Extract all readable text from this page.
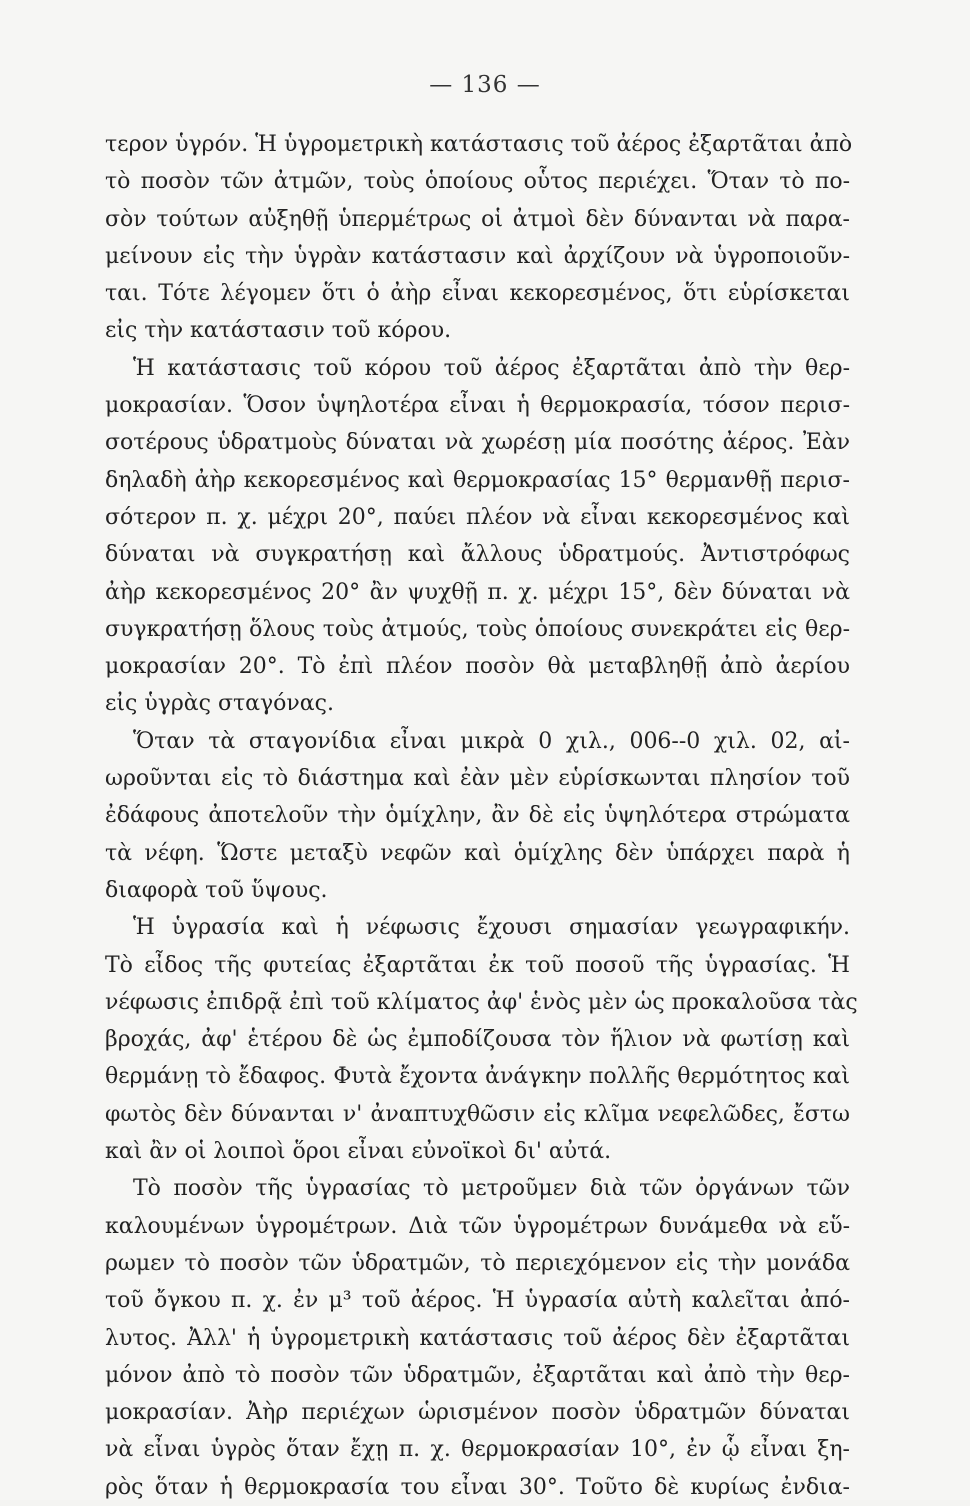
— 136 —
τερον ὑγρόν. Ἡ ὑγρομετρικὴ κατάστασις τοῦ ἀέρος ἐξαρτᾶται ἀπὸ
τὸ ποσὸν τῶν ἀτμῶν, τοὺς ὁποίους οὗτος περιέχει. Ὅταν τὸ πο-
σὸν τούτων αὐξηθῇ ὑπερμέτρως οἱ ἀτμοὶ δὲν δύνανται νὰ παρα-
μείνουν εἰς τὴν ὑγρὰν κατάστασιν καὶ ἀρχίζουν νὰ ὑγροποιοῦν-
ται. Τότε λέγομεν ὅτι ὁ ἀὴρ εἶναι κεκορεσμένος, ὅτι εὑρίσκεται
εἰς τὴν κατάστασιν τοῦ κόρου.
Ἡ κατάστασις τοῦ κόρου τοῦ ἀέρος ἐξαρτᾶται ἀπὸ τὴν θερ-
μοκρασίαν. Ὅσον ὑψηλοτέρα εἶναι ἡ θερμοκρασία, τόσον περισ-
σοτέρους ὑδρατμοὺς δύναται νὰ χωρέσῃ μία ποσότης ἀέρος. Ἐὰν
δηλαδὴ ἀὴρ κεκορεσμένος καὶ θερμοκρασίας 15° θερμανθῇ περισ-
σότερον π. χ. μέχρι 20°, παύει πλέον νὰ εἶναι κεκορεσμένος καὶ
δύναται νὰ συγκρατήσῃ καὶ ἄλλους ὑδρατμούς. Ἀντιστρόφως
ἀὴρ κεκορεσμένος 20° ἂν ψυχθῇ π. χ. μέχρι 15°, δὲν δύναται νὰ
συγκρατήσῃ ὅλους τοὺς ἀτμούς, τοὺς ὁποίους συνεκράτει εἰς θερ-
μοκρασίαν 20°. Τὸ ἐπὶ πλέον ποσὸν θὰ μεταβληθῇ ἀπὸ ἀερίου
εἰς ὑγρὰς σταγόνας.
Ὅταν τὰ σταγονίδια εἶναι μικρὰ 0 χιλ., 006--0 χιλ. 02, αἰ-
ωροῦνται εἰς τὸ διάστημα καὶ ἐὰν μὲν εὑρίσκωνται πλησίον τοῦ
ἐδάφους ἀποτελοῦν τὴν ὁμίχλην, ἂν δὲ εἰς ὑψηλότερα στρώματα
τὰ νέφη. Ὥστε μεταξὺ νεφῶν καὶ ὁμίχλης δὲν ὑπάρχει παρὰ ἡ
διαφορὰ τοῦ ὕψους.
Ἡ ὑγρασία καὶ ἡ νέφωσις ἔχουσι σημασίαν γεωγραφικήν.
Τὸ εἶδος τῆς φυτείας ἐξαρτᾶται ἐκ τοῦ ποσοῦ τῆς ὑγρασίας. Ἡ
νέφωσις ἐπιδρᾷ ἐπὶ τοῦ κλίματος ἀφ' ἑνὸς μὲν ὡς προκαλοῦσα τὰς
βροχάς, ἀφ' ἑτέρου δὲ ὡς ἐμποδίζουσα τὸν ἥλιον νὰ φωτίσῃ καὶ
θερμάνῃ τὸ ἔδαφος. Φυτὰ ἔχοντα ἀνάγκην πολλῆς θερμότητος καὶ
φωτὸς δὲν δύνανται ν' ἀναπτυχθῶσιν εἰς κλῖμα νεφελῶδες, ἔστω
καὶ ἂν οἱ λοιποὶ ὅροι εἶναι εὐνοϊκοὶ δι' αὐτά.
Τὸ ποσὸν τῆς ὑγρασίας τὸ μετροῦμεν διὰ τῶν ὀργάνων τῶν
καλουμένων ὑγρομέτρων. Διὰ τῶν ὑγρομέτρων δυνάμεθα νὰ εὕ-
ρωμεν τὸ ποσὸν τῶν ὑδρατμῶν, τὸ περιεχόμενον εἰς τὴν μονάδα
τοῦ ὄγκου π. χ. ἐν μ³ τοῦ ἀέρος. Ἡ ὑγρασία αὐτὴ καλεῖται ἀπό-
λυτος. Ἀλλ' ἡ ὑγρομετρικὴ κατάστασις τοῦ ἀέρος δὲν ἐξαρτᾶται
μόνον ἀπὸ τὸ ποσὸν τῶν ὑδρατμῶν, ἐξαρτᾶται καὶ ἀπὸ τὴν θερ-
μοκρασίαν. Ἀὴρ περιέχων ὡρισμένον ποσὸν ὑδρατμῶν δύναται
νὰ εἶναι ὑγρὸς ὅταν ἔχῃ π. χ. θερμοκρασίαν 10°, ἐν ᾧ εἶναι ξη-
ρὸς ὅταν ἡ θερμοκρασία του εἶναι 30°. Τοῦτο δὲ κυρίως ἐνδια-
